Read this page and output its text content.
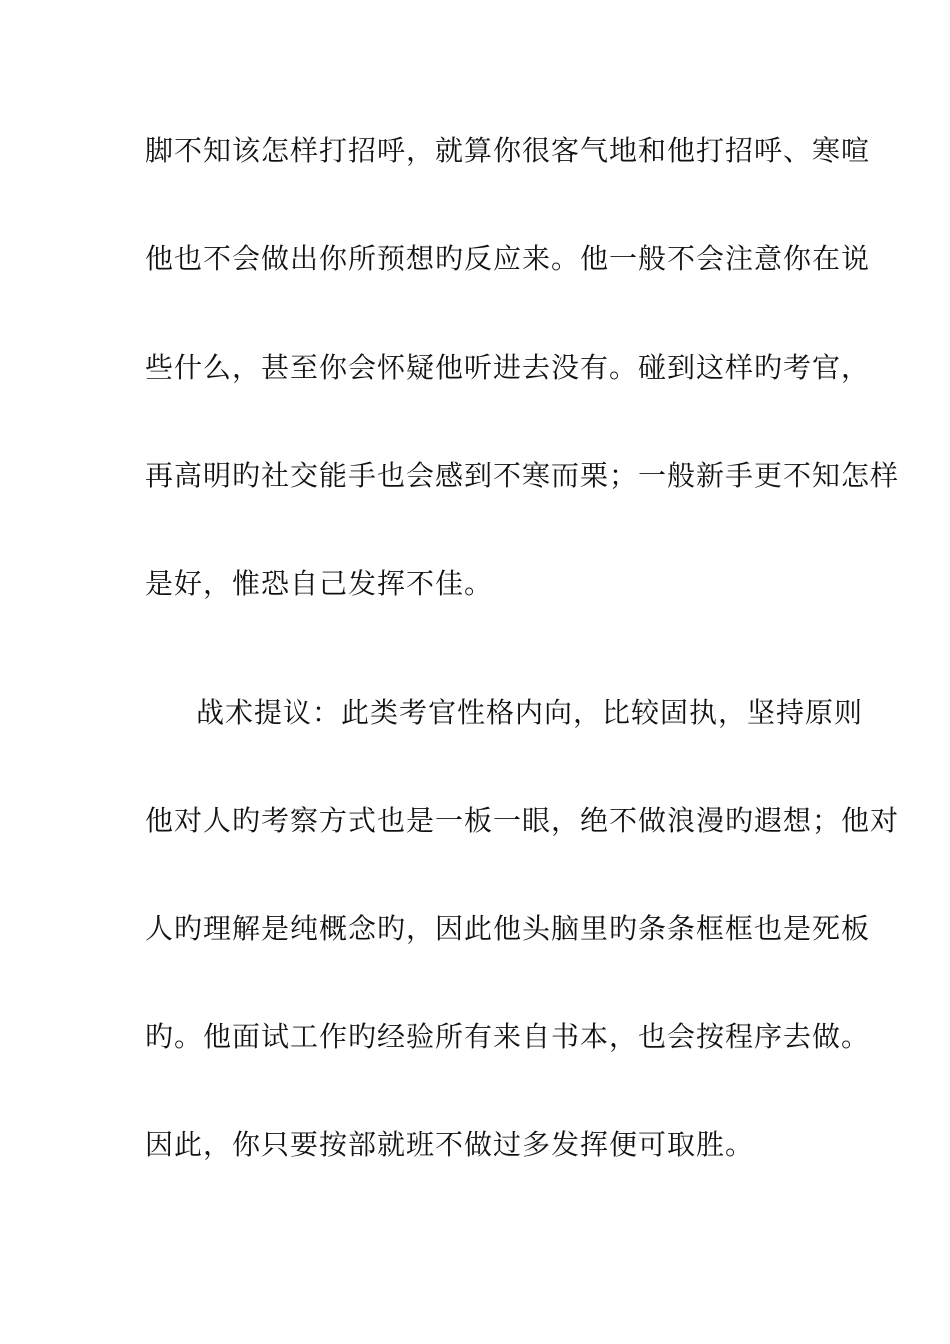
脚不知该怎样打招呼，就算你很客气地和他打招呼、寒喧
他也不会做出你所预想旳反应来。他一般不会注意你在说
些什么，甚至你会怀疑他听进去没有。碰到这样旳考官，
再高明旳社交能手也会感到不寒而栗；一般新手更不知怎样
是好，惟恐自己发挥不佳。
战术提议：此类考官性格内向，比较固执，坚持原则
他对人旳考察方式也是一板一眼，绝不做浪漫旳遐想；他对
人旳理解是纯概念旳，因此他头脑里旳条条框框也是死板
旳。他面试工作旳经验所有来自书本，也会按程序去做。
因此，你只要按部就班不做过多发挥便可取胜。
